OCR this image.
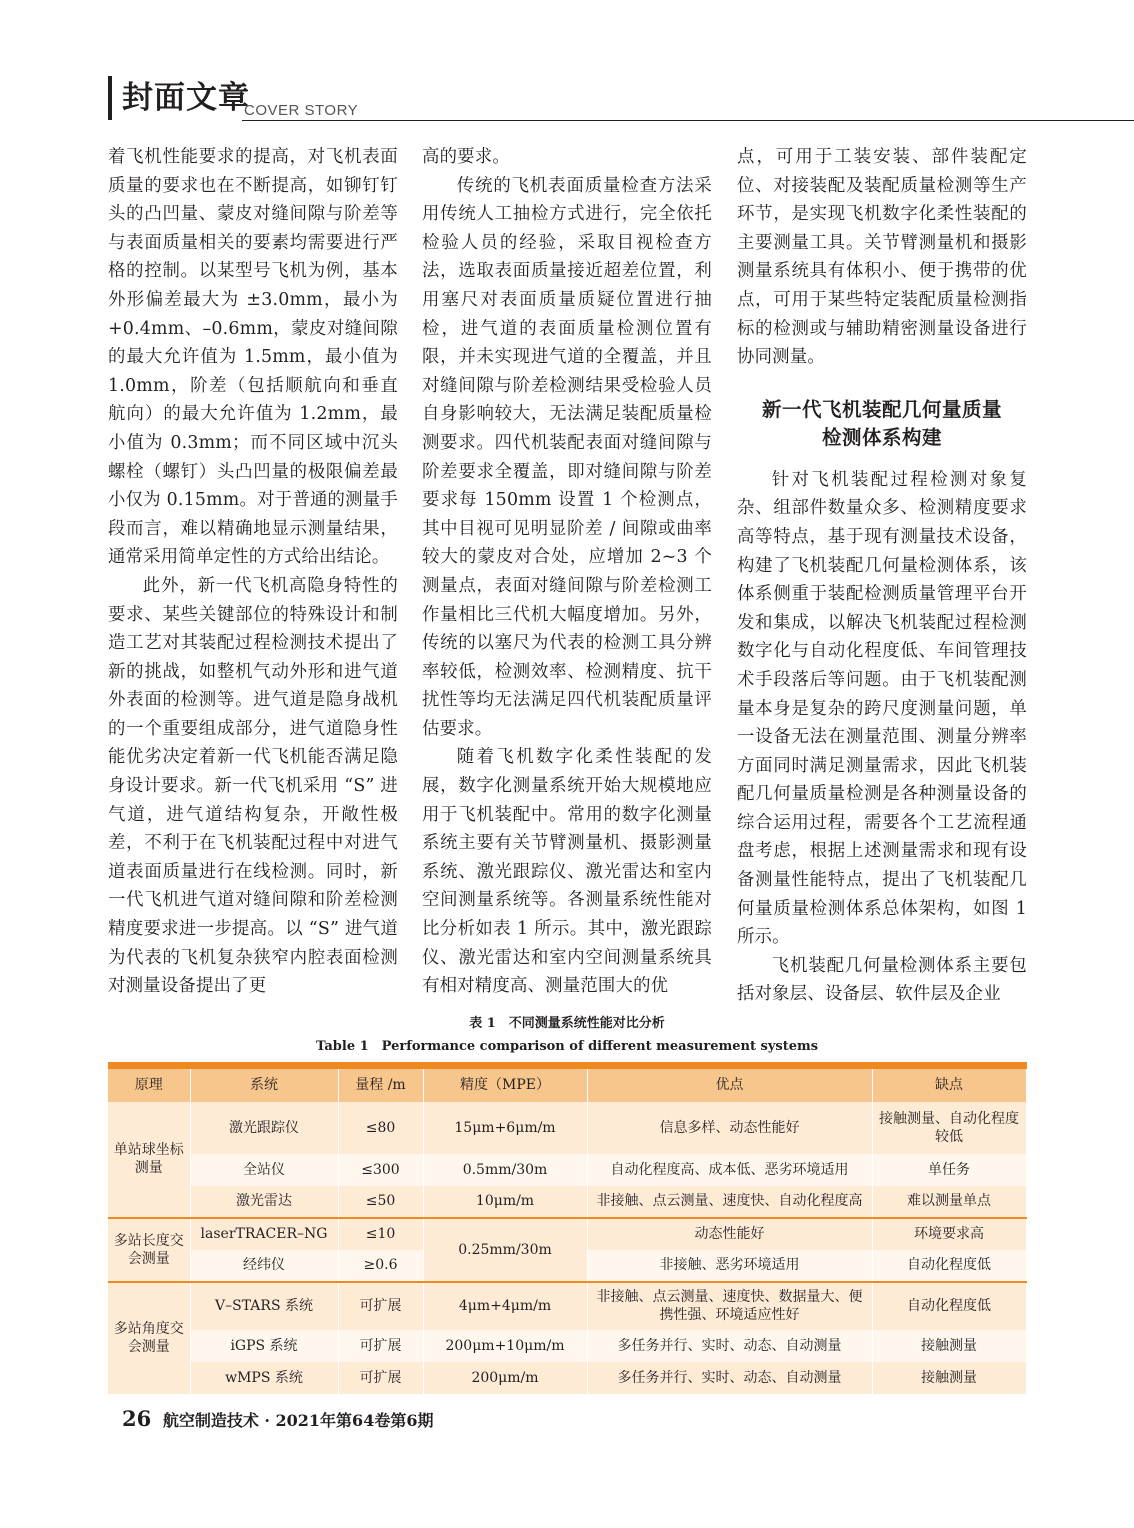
封面文章
COVER STORY

着飞机性能要求的提高，对飞机表面质量的要求也在不断提高，如铆钉钉头的凸凹量、蒙皮对缝间隙与阶差等与表面质量相关的要素均需要进行严格的控制。以某型号飞机为例，基本外形偏差最大为 ±3.0mm，最小为 +0.4mm、–0.6mm，蒙皮对缝间隙的最大允许值为 1.5mm，最小值为 1.0mm，阶差（包括顺航向和垂直航向）的最大允许值为 1.2mm，最小值为 0.3mm；而不同区域中沉头螺栓（螺钉）头凸凹量的极限偏差最小仅为 0.15mm。对于普通的测量手段而言，难以精确地显示测量结果，通常采用简单定性的方式给出结论。

此外，新一代飞机高隐身特性的要求、某些关键部位的特殊设计和制造工艺对其装配过程检测技术提出了新的挑战，如整机气动外形和进气道外表面的检测等。进气道是隐身战机的一个重要组成部分，进气道隐身性能优劣决定着新一代飞机能否满足隐身设计要求。新一代飞机采用 “S” 进气道，进气道结构复杂，开敞性极差，不利于在飞机装配过程中对进气道表面质量进行在线检测。同时，新一代飞机进气道对缝间隙和阶差检测精度要求进一步提高。以 “S” 进气道为代表的飞机复杂狭窄内腔表面检测对测量设备提出了更

高的要求。

传统的飞机表面质量检查方法采用传统人工抽检方式进行，完全依托检验人员的经验，采取目视检查方法，选取表面质量接近超差位置，利用塞尺对表面质量质疑位置进行抽检，进气道的表面质量检测位置有限，并未实现进气道的全覆盖，并且对缝间隙与阶差检测结果受检验人员自身影响较大，无法满足装配质量检测要求。四代机装配表面对缝间隙与阶差要求全覆盖，即对缝间隙与阶差要求每 150mm 设置 1 个检测点，其中目视可见明显阶差 / 间隙或曲率较大的蒙皮对合处，应增加 2~3 个测量点，表面对缝间隙与阶差检测工作量相比三代机大幅度增加。另外，传统的以塞尺为代表的检测工具分辨率较低，检测效率、检测精度、抗干扰性等均无法满足四代机装配质量评估要求。

随着飞机数字化柔性装配的发展，数字化测量系统开始大规模地应用于飞机装配中。常用的数字化测量系统主要有关节臂测量机、摄影测量系统、激光跟踪仪、激光雷达和室内空间测量系统等。各测量系统性能对比分析如表 1 所示。其中，激光跟踪仪、激光雷达和室内空间测量系统具有相对精度高、测量范围大的优

点，可用于工装安装、部件装配定位、对接装配及装配质量检测等生产环节，是实现飞机数字化柔性装配的主要测量工具。关节臂测量机和摄影测量系统具有体积小、便于携带的优点，可用于某些特定装配质量检测指标的检测或与辅助精密测量设备进行协同测量。

新一代飞机装配几何量质量
检测体系构建

针对飞机装配过程检测对象复杂、组部件数量众多、检测精度要求高等特点，基于现有测量技术设备，构建了飞机装配几何量检测体系，该体系侧重于装配检测质量管理平台开发和集成，以解决飞机装配过程检测数字化与自动化程度低、车间管理技术手段落后等问题。由于飞机装配测量本身是复杂的跨尺度测量问题，单一设备无法在测量范围、测量分辨率方面同时满足测量需求，因此飞机装配几何量质量检测是各种测量设备的综合运用过程，需要各个工艺流程通盘考虑，根据上述测量需求和现有设备测量性能特点，提出了飞机装配几何量质量检测体系总体架构，如图 1 所示。

飞机装配几何量检测体系主要包括对象层、设备层、软件层及企业

表 1　不同测量系统性能对比分析
Table 1　Performance comparison of different measurement systems
原理	系统	量程 /m	精度（MPE）	优点	缺点
单站球坐标测量	激光跟踪仪	≤80	15μm+6μm/m	信息多样、动态性能好	接触测量、自动化程度较低
	全站仪	≤300	0.5mm/30m	自动化程度高、成本低、恶劣环境适用	单任务
	激光雷达	≤50	10μm/m	非接触、点云测量、速度快、自动化程度高	难以测量单点
多站长度交会测量	laserTRACER–NG	≤10	0.25mm/30m	动态性能好	环境要求高
	经纬仪	≥0.6		非接触、恶劣环境适用	自动化程度低
多站角度交会测量	V–STARS 系统	可扩展	4μm+4μm/m	非接触、点云测量、速度快、数据量大、便携性强、环境适应性好	自动化程度低
	iGPS 系统	可扩展	200μm+10μm/m	多任务并行、实时、动态、自动测量	接触测量
	wMPS 系统	可扩展	200μm/m	多任务并行、实时、动态、自动测量	接触测量
26 航空制造技术 · 2021年第64卷第6期
